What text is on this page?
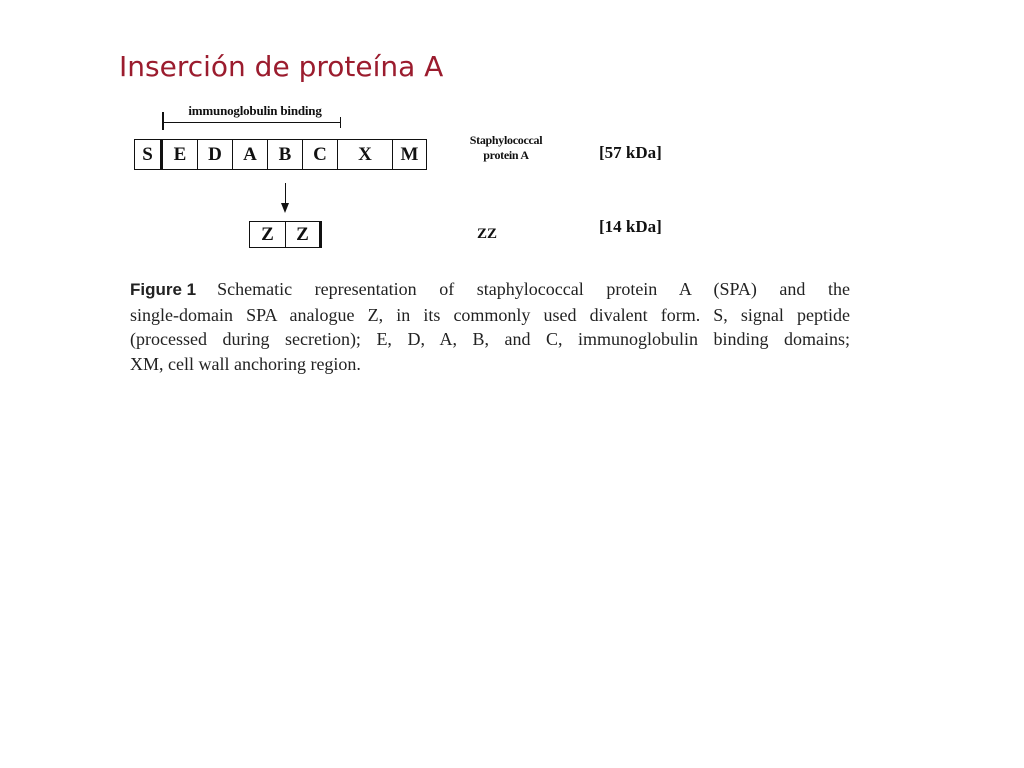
Inserción de proteína A
immunoglobulin binding
S	E	D	A	B	C	X	M
Staphylococcal
protein A	[57 kDa]
Z	Z	ZZ	[14 kDa]
Figure 1 Schematic representation of staphylococcal protein A (SPA) and the
single-domain SPA analogue Z, in its commonly used divalent form. S, signal peptide
(processed during secretion); E, D, A, B, and C, immunoglobulin binding domains;
XM, cell wall anchoring region.
